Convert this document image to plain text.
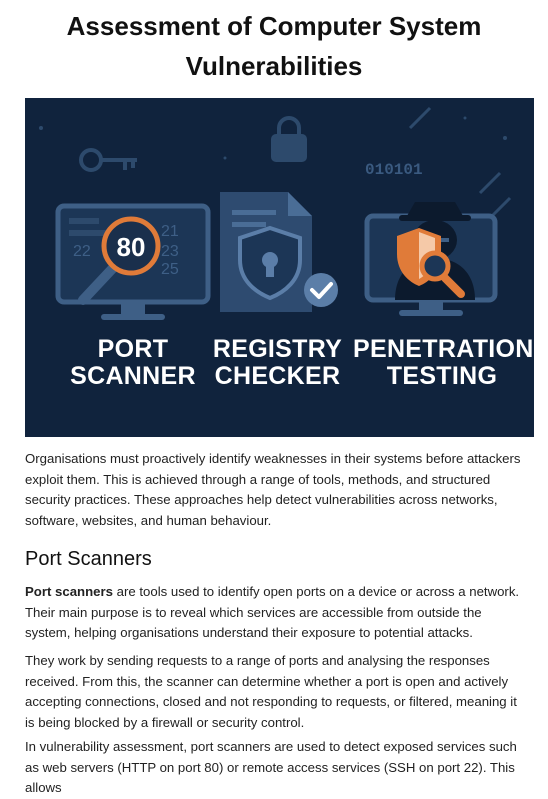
Assessment of Computer System Vulnerabilities
010101
22
21
23
25
80
PORT
SCANNER
REGISTRY
CHECKER
PENETRATION
TESTING

Organisations must proactively identify weaknesses in their systems before attackers exploit them. This is achieved through a range of tools, methods, and structured security practices. These approaches help detect vulnerabilities across networks, software, websites, and human behaviour.

Port Scanners

Port scanners are tools used to identify open ports on a device or across a network. Their main purpose is to reveal which services are accessible from outside the system, helping organisations understand their exposure to potential attacks.

They work by sending requests to a range of ports and analysing the responses received. From this, the scanner can determine whether a port is open and actively accepting connections, closed and not responding to requests, or filtered, meaning it is being blocked by a firewall or security control.

In vulnerability assessment, port scanners are used to detect exposed services such as web servers (HTTP on port 80) or remote access services (SSH on port 22). This allows
